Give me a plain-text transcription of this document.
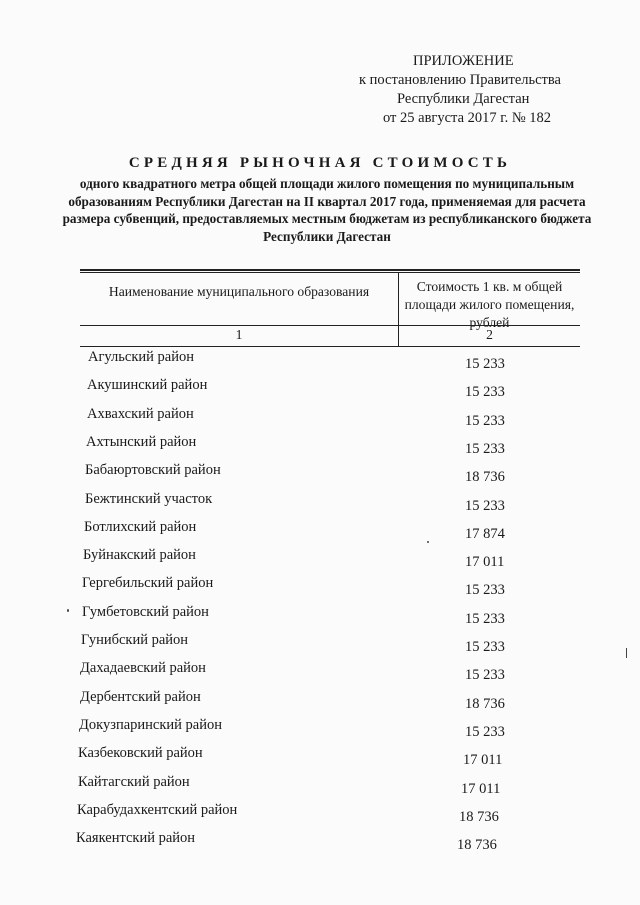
ПРИЛОЖЕНИЕ
к постановлению Правительства
Республики Дагестан
от 25 августа 2017 г. № 182
СРЕДНЯЯ РЫНОЧНАЯ СТОИМОСТЬ
одного квадратного метра общей площади жилого помещения по муниципальным образованиям Республики Дагестан на II квартал 2017 года, применяемая для расчета размера субвенций, предоставляемых местным бюджетам из республиканского бюджета Республики Дагестан
Наименование муниципального образования	Стоимость 1 кв. м общей площади жилого помещения, рублей
1	2
Агульский район	15 233
Акушинский район	15 233
Ахвахский район	15 233
Ахтынский район	15 233
Бабаюртовский район	18 736
Бежтинский участок	15 233
Ботлихский район	17 874
Буйнакский район	17 011
Гергебильский район	15 233
Гумбетовский район	15 233
Гунибский район	15 233
Дахадаевский район	15 233
Дербентский район	18 736
Докузпаринский район	15 233
Казбековский район	17 011
Кайтагский район	17 011
Карабудахкентский район	18 736
Каякентский район	18 736
